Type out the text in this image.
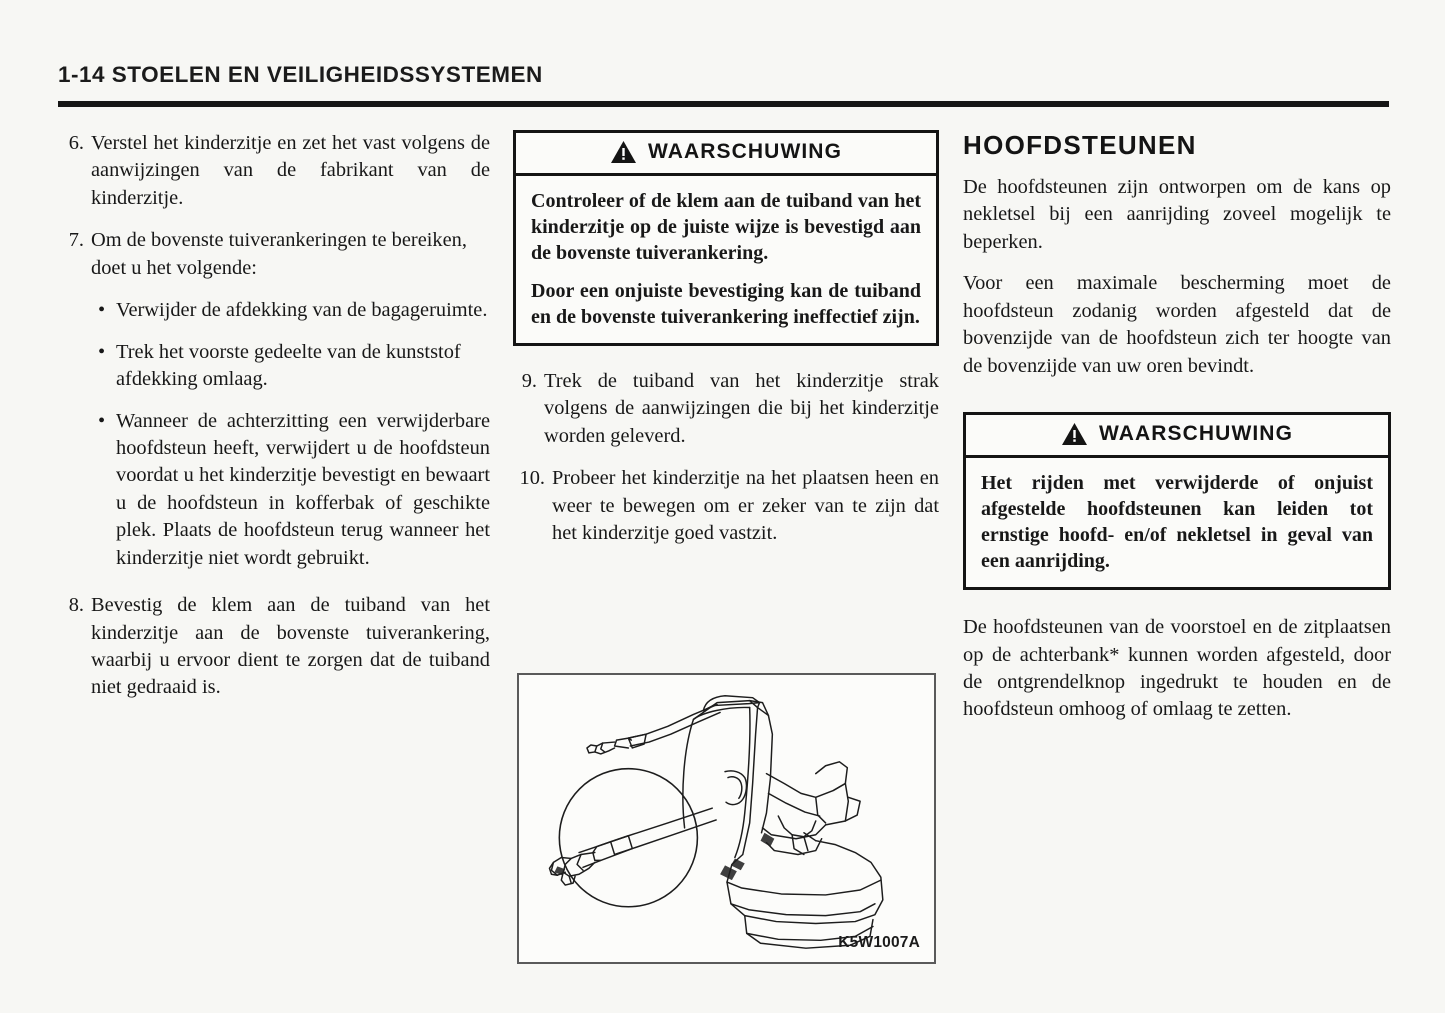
1-14 STOELEN EN VEILIGHEIDSSYSTEMEN
6. Verstel het kinderzitje en zet het vast volgens de aanwijzingen van de fabrikant van de kinderzitje.
7. Om de bovenste tuiverankeringen te bereiken, doet u het volgende:
• Verwijder de afdekking van de bagageruimte.
• Trek het voorste gedeelte van de kunststof afdekking omlaag.
• Wanneer de achterzitting een verwijderbare hoofdsteun heeft, verwijdert u de hoofdsteun voordat u het kinderzitje bevestigt en bewaart u de hoofdsteun in kofferbak of geschikte plek. Plaats de hoofdsteun terug wanneer het kinderzitje niet wordt gebruikt.
8. Bevestig de klem aan de tuiband van het kinderzitje aan de bovenste tuiverankering, waarbij u ervoor dient te zorgen dat de tuiband niet gedraaid is.
WAARSCHUWING

Controleer of de klem aan de tuiband van het kinderzitje op de juiste wijze is bevestigd aan de bovenste tuiverankering.

Door een onjuiste bevestiging kan de tuiband en de bovenste tuiverankering ineffectief zijn.

9. Trek de tuiband van het kinderzitje strak volgens de aanwijzingen die bij het kinderzitje worden geleverd.
10. Probeer het kinderzitje na het plaatsen heen en weer te bewegen om er zeker van te zijn dat het kinderzitje goed vastzit.
K5W1007A
HOOFDSTEUNEN

De hoofdsteunen zijn ontworpen om de kans op nekletsel bij een aanrijding zoveel mogelijk te beperken.

Voor een maximale bescherming moet de hoofdsteun zodanig worden afgesteld dat de bovenzijde van de hoofdsteun zich ter hoogte van de bovenzijde van uw oren bevindt.

WAARSCHUWING

Het rijden met verwijderde of onjuist afgestelde hoofdsteunen kan leiden tot ernstige hoofd- en/of nekletsel in geval van een aanrijding.

De hoofdsteunen van de voorstoel en de zitplaatsen op de achterbank* kunnen worden afgesteld, door de ontgrendelknop ingedrukt te houden en de hoofdsteun omhoog of omlaag te zetten.
